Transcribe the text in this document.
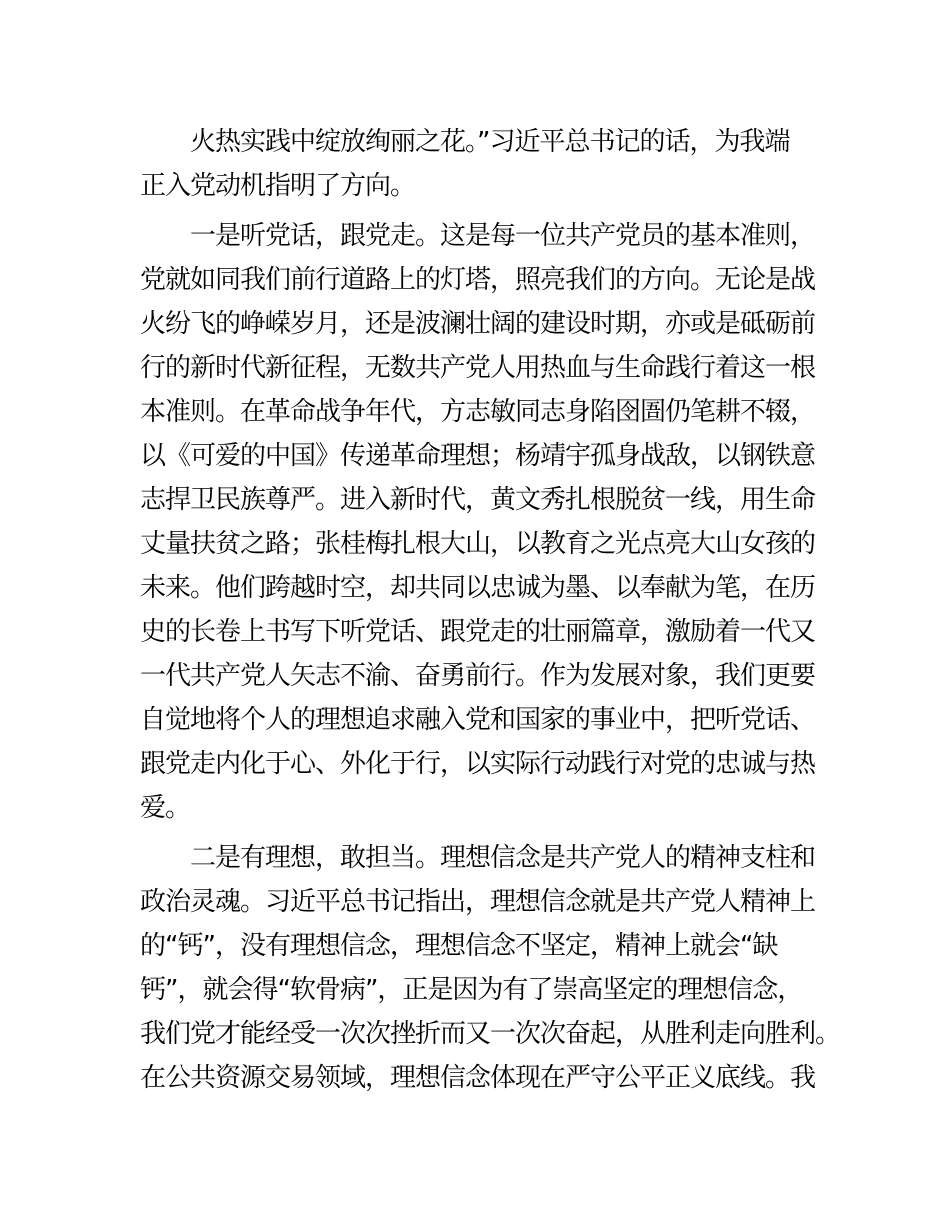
火热实践中绽放绚丽之花。”习近平总书记的话，为我端
正入党动机指明了方向。
一是听党话，跟党走。这是每一位共产党员的基本准则，
党就如同我们前行道路上的灯塔，照亮我们的方向。无论是战
火纷飞的峥嵘岁月，还是波澜壮阔的建设时期，亦或是砥砺前
行的新时代新征程，无数共产党人用热血与生命践行着这一根
本准则。在革命战争年代，方志敏同志身陷囹圄仍笔耕不辍，
以《可爱的中国》传递革命理想；杨靖宇孤身战敌，以钢铁意
志捍卫民族尊严。进入新时代，黄文秀扎根脱贫一线，用生命
丈量扶贫之路；张桂梅扎根大山，以教育之光点亮大山女孩的
未来。他们跨越时空，却共同以忠诚为墨、以奉献为笔，在历
史的长卷上书写下听党话、跟党走的壮丽篇章，激励着一代又
一代共产党人矢志不渝、奋勇前行。作为发展对象，我们更要
自觉地将个人的理想追求融入党和国家的事业中，把听党话、
跟党走内化于心、外化于行，以实际行动践行对党的忠诚与热
爱。
二是有理想，敢担当。理想信念是共产党人的精神支柱和
政治灵魂。习近平总书记指出，理想信念就是共产党人精神上
的“钙”，没有理想信念，理想信念不坚定，精神上就会“缺
钙”，就会得“软骨病”，正是因为有了崇高坚定的理想信念，
我们党才能经受一次次挫折而又一次次奋起，从胜利走向胜利。
在公共资源交易领域，理想信念体现在严守公平正义底线。我
